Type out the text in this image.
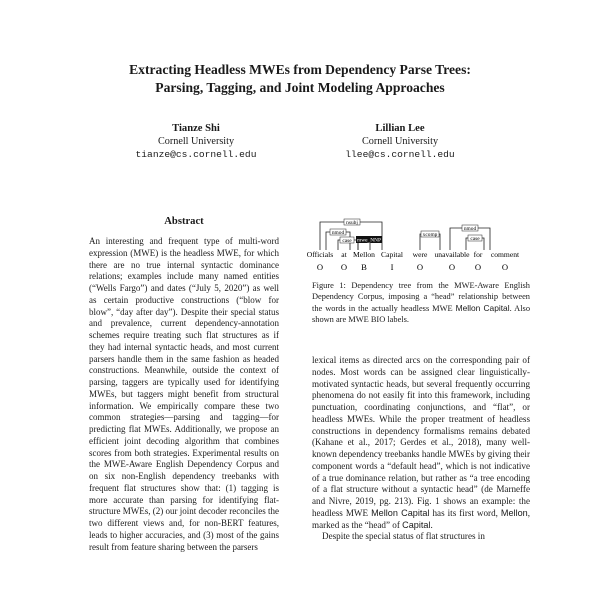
Extracting Headless MWEs from Dependency Parse Trees:
Parsing, Tagging, and Joint Modeling Approaches
Tianze Shi
Cornell University
tianze@cs.cornell.edu
Lillian Lee
Cornell University
llee@cs.cornell.edu
Abstract
An interesting and frequent type of multi-word expression (MWE) is the headless MWE, for which there are no true internal syntactic dominance relations; examples include many named entities (“Wells Fargo”) and dates (“July 5, 2020”) as well as certain productive constructions (“blow for blow”, “day after day”). Despite their special status and prevalence, current dependency-annotation schemes require treating such flat structures as if they had internal syntactic heads, and most current parsers handle them in the same fashion as headed constructions. Meanwhile, outside the context of parsing, taggers are typically used for identifying MWEs, but taggers might benefit from structural information. We empirically compare these two common strategies—parsing and tagging—for predicting flat MWEs. Additionally, we propose an efficient joint decoding algorithm that combines scores from both strategies. Experimental results on the MWE-Aware English Dependency Corpus and on six non-English dependency treebanks with frequent flat structures show that: (1) tagging is more accurate than parsing for identifying flat-structure MWEs, (2) our joint decoder reconciles the two different views and, for non-BERT features, leads to higher accuracies, and (3) most of the gains result from feature sharing between the parsers
nsubj
nmod
case mwe_NNP
xcomp
nmod
case
Officials at Mellon Capital were unavailable for comment
O O B	I	O	O O O
Figure 1: Dependency tree from the MWE-Aware English Dependency Corpus, imposing a “head” relationship between the words in the actually headless MWE Mellon Capital. Also shown are MWE BIO labels.

lexical items as directed arcs on the corresponding pair of nodes. Most words can be assigned clear linguistically-motivated syntactic heads, but several frequently occurring phenomena do not easily fit into this framework, including punctuation, coordinating conjunctions, and “flat”, or headless MWEs. While the proper treatment of headless constructions in dependency formalisms remains debated (Kahane et al., 2017; Gerdes et al., 2018), many well-known dependency treebanks handle MWEs by giving their component words a “default head”, which is not indicative of a true dominance relation, but rather as “a tree encoding of a flat structure without a syntactic head” (de Marneffe and Nivre, 2019, pg. 213). Fig. 1 shows an example: the headless MWE Mellon Capital has its first word, Mellon, marked as the “head” of Capital.

Despite the special status of flat structures in
